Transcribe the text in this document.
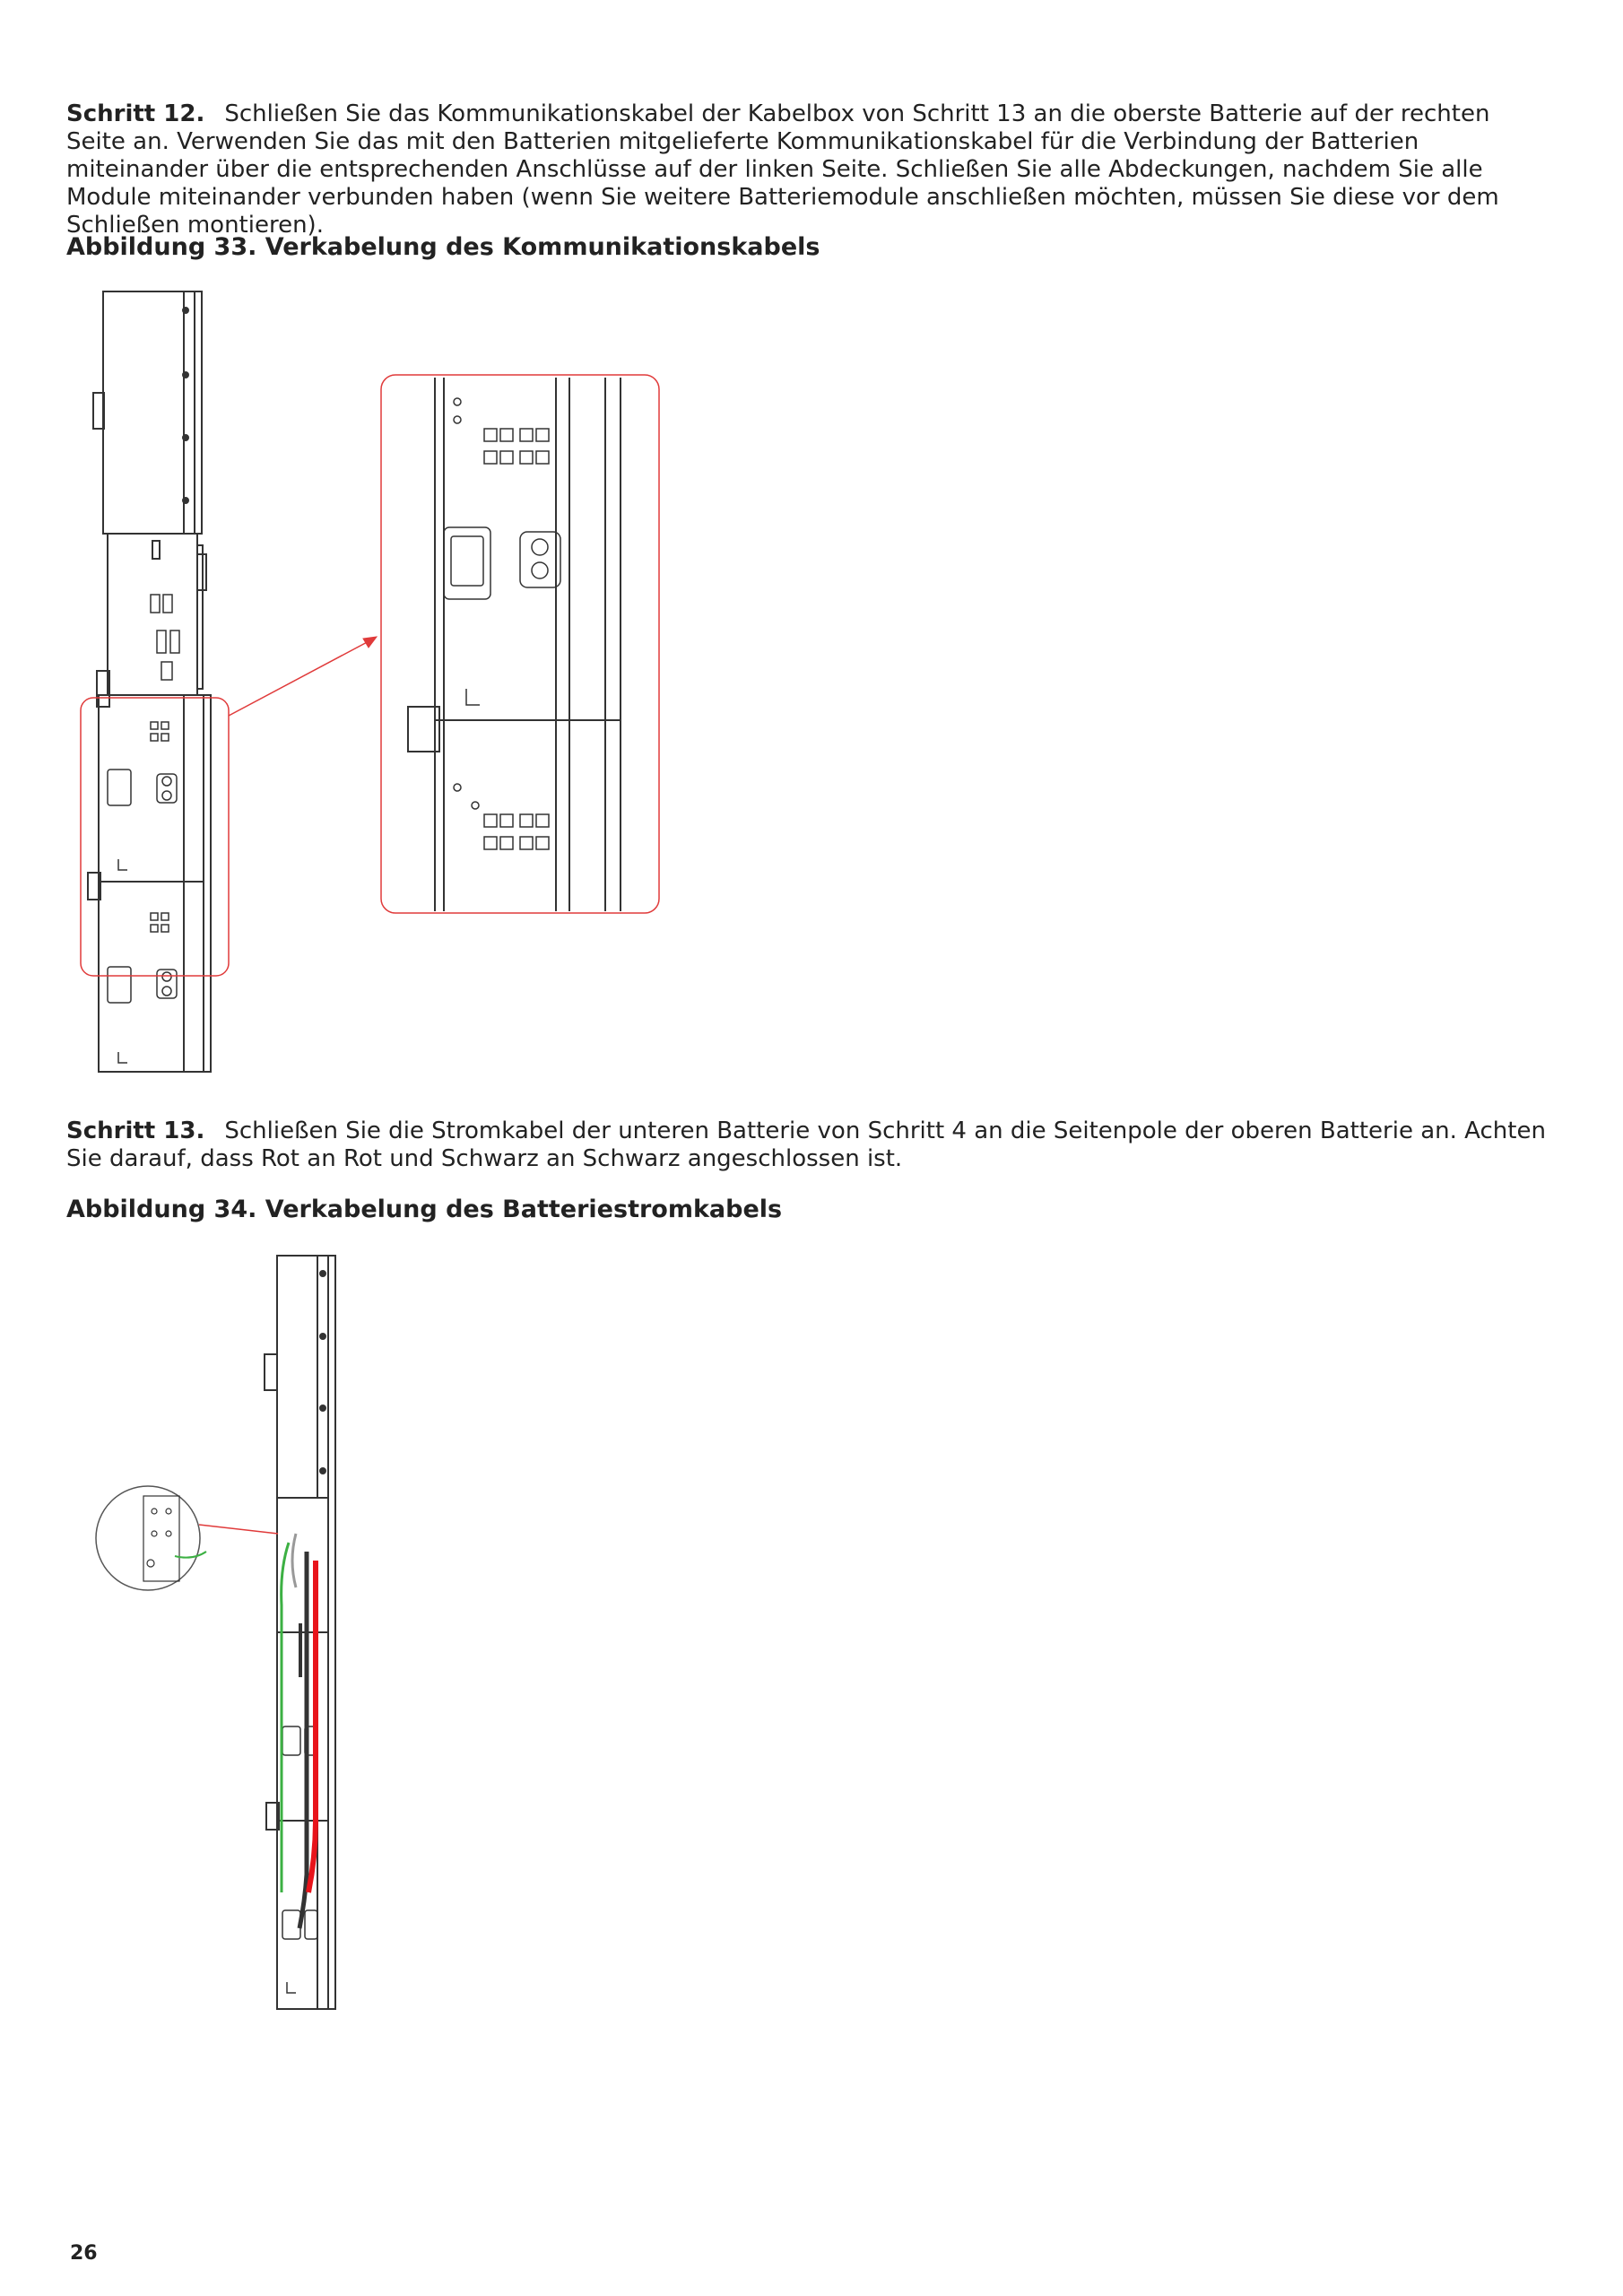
Schritt 12. Schließen Sie das Kommunikationskabel der Kabelbox von Schritt 13 an die oberste Batterie auf der rechten Seite an. Verwenden Sie das mit den Batterien mitgelieferte Kommunikationskabel für die Verbindung der Batterien miteinander über die entsprechenden Anschlüsse auf der linken Seite. Schließen Sie alle Abdeckungen, nachdem Sie alle Module miteinander verbunden haben (wenn Sie weitere Batteriemodule anschließen möchten, müssen Sie diese vor dem Schließen montieren).
Abbildung 33. Verkabelung des Kommunikationskabels
Schritt 13. Schließen Sie die Stromkabel der unteren Batterie von Schritt 4 an die Seitenpole der oberen Batterie an. Achten Sie darauf, dass Rot an Rot und Schwarz an Schwarz angeschlossen ist.
Abbildung 34. Verkabelung des Batteriestromkabels
26
